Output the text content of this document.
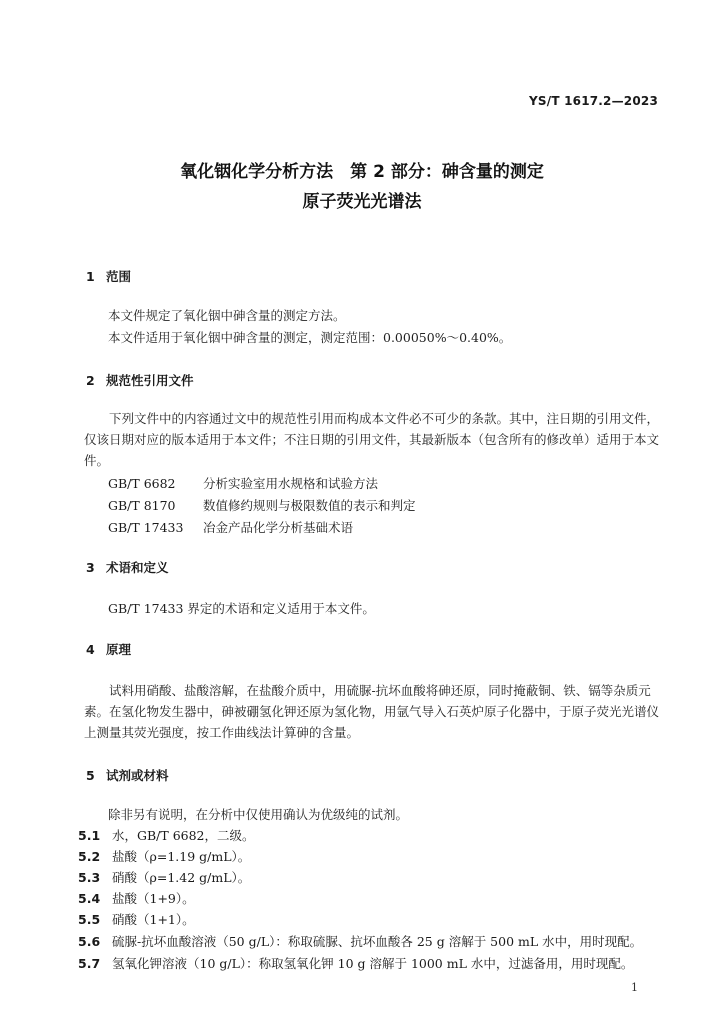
YS/T 1617.2—2023
氧化铟化学分析方法　第 2 部分：砷含量的测定
原子荧光光谱法
1 范围
本文件规定了氧化铟中砷含量的测定方法。
本文件适用于氧化铟中砷含量的测定，测定范围：0.00050%～0.40%。
2 规范性引用文件
下列文件中的内容通过文中的规范性引用而构成本文件必不可少的条款。其中，注日期的引用文件，仅该日期对应的版本适用于本文件；不注日期的引用文件，其最新版本（包含所有的修改单）适用于本文件。
GB/T 6682 分析实验室用水规格和试验方法
GB/T 8170 数值修约规则与极限数值的表示和判定
GB/T 17433 冶金产品化学分析基础术语
3 术语和定义
GB/T 17433 界定的术语和定义适用于本文件。
4 原理
试料用硝酸、盐酸溶解，在盐酸介质中，用硫脲-抗坏血酸将砷还原，同时掩蔽铜、铁、镉等杂质元素。在氢化物发生器中，砷被硼氢化钾还原为氢化物，用氩气导入石英炉原子化器中，于原子荧光光谱仪上测量其荧光强度，按工作曲线法计算砷的含量。
5 试剂或材料
除非另有说明，在分析中仅使用确认为优级纯的试剂。
5.1 水，GB/T 6682，二级。
5.2 盐酸（ρ=1.19 g/mL）。
5.3 硝酸（ρ=1.42 g/mL）。
5.4 盐酸（1+9）。
5.5 硝酸（1+1）。
5.6 硫脲-抗坏血酸溶液（50 g/L）：称取硫脲、抗坏血酸各 25 g 溶解于 500 mL 水中，用时现配。
5.7 氢氧化钾溶液（10 g/L）：称取氢氧化钾 10 g 溶解于 1000 mL 水中，过滤备用，用时现配。
1
